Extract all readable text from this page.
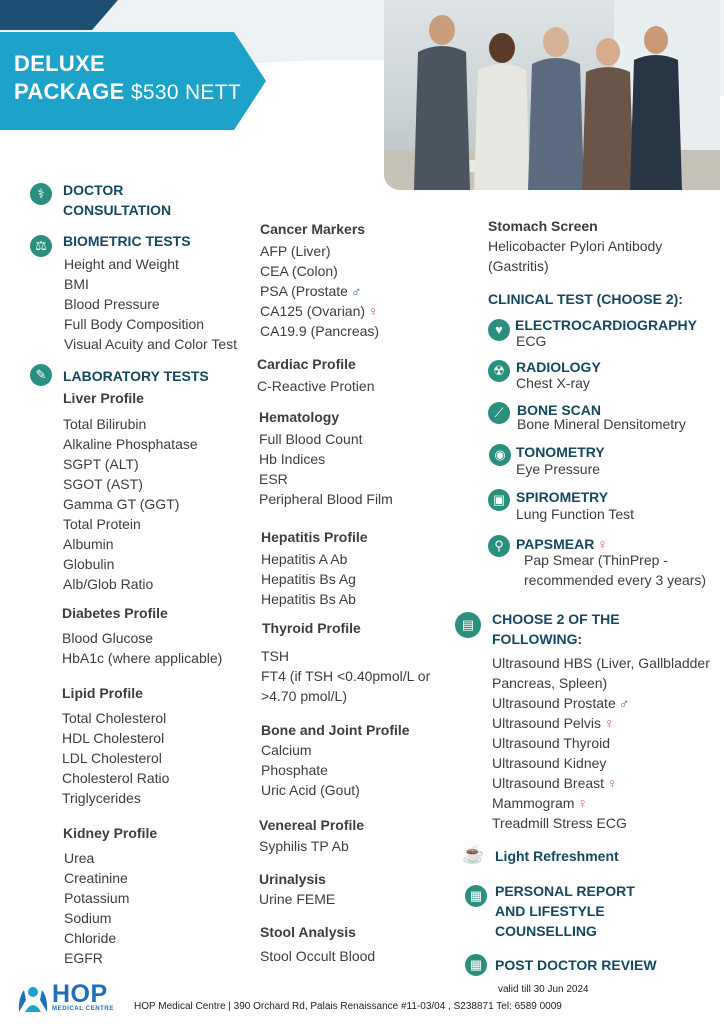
DELUXE
PACKAGE $530 NETT
⚕	DOCTOR
CONSULTATION
⚖	BIOMETRIC TESTS
Height and Weight
BMI
Blood Pressure
Full Body Composition
Visual Acuity and Color Test
✎	LABORATORY TESTS
Liver Profile
Total Bilirubin
Alkaline Phosphatase
SGPT (ALT)
SGOT (AST)
Gamma GT (GGT)
Total Protein
Albumin
Globulin
Alb/Glob Ratio
Diabetes Profile
Blood Glucose
HbA1c (where applicable)
Lipid Profile
Total Cholesterol
HDL Cholesterol
LDL Cholesterol
Cholesterol Ratio
Triglycerides
Kidney Profile
Urea
Creatinine
Potassium
Sodium
Chloride
EGFR
Cancer Markers
AFP (Liver)
CEA (Colon)
PSA (Prostate ♂
CA125 (Ovarian) ♀
CA19.9 (Pancreas)
Cardiac Profile
C-Reactive Protien
Hematology
Full Blood Count
Hb Indices
ESR
Peripheral Blood Film
Hepatitis Profile
Hepatitis A Ab
Hepatitis Bs Ag
Hepatitis Bs Ab
Thyroid Profile
TSH
FT4 (if TSH <0.40pmol/L or
>4.70 pmol/L)
Bone and Joint Profile
Calcium
Phosphate
Uric Acid (Gout)
Venereal Profile
Syphilis TP Ab
Urinalysis
Urine FEME
Stool Analysis
Stool Occult Blood
Stomach Screen
Helicobacter Pylori Antibody
(Gastritis)
CLINICAL TEST (CHOOSE 2):
♥ ELECTROCARDIOGRAPHY
ECG
☢ RADIOLOGY
Chest X-ray
⟋ BONE SCAN
Bone Mineral Densitometry
◉ TONOMETRY
Eye Pressure
▣ SPIROMETRY
Lung Function Test
⚲ PAPSMEAR ♀
Pap Smear (ThinPrep -
recommended every 3 years)
▤	CHOOSE 2 OF THE
FOLLOWING:
Ultrasound HBS (Liver, Gallbladder
Pancreas, Spleen)
Ultrasound Prostate ♂
Ultrasound Pelvis ♀
Ultrasound Thyroid
Ultrasound Kidney
Ultrasound Breast ♀
Mammogram ♀
Treadmill Stress ECG
☕ Light Refreshment
▦ PERSONAL REPORT
AND LIFESTYLE
COUNSELLING
▦ POST DOCTOR REVIEW
HOP
MEDICAL CENTRE
valid till 30 Jun 2024
HOP Medical Centre | 390 Orchard Rd, Palais Renaissance #11-03/04 , S238871 Tel: 6589 0009
